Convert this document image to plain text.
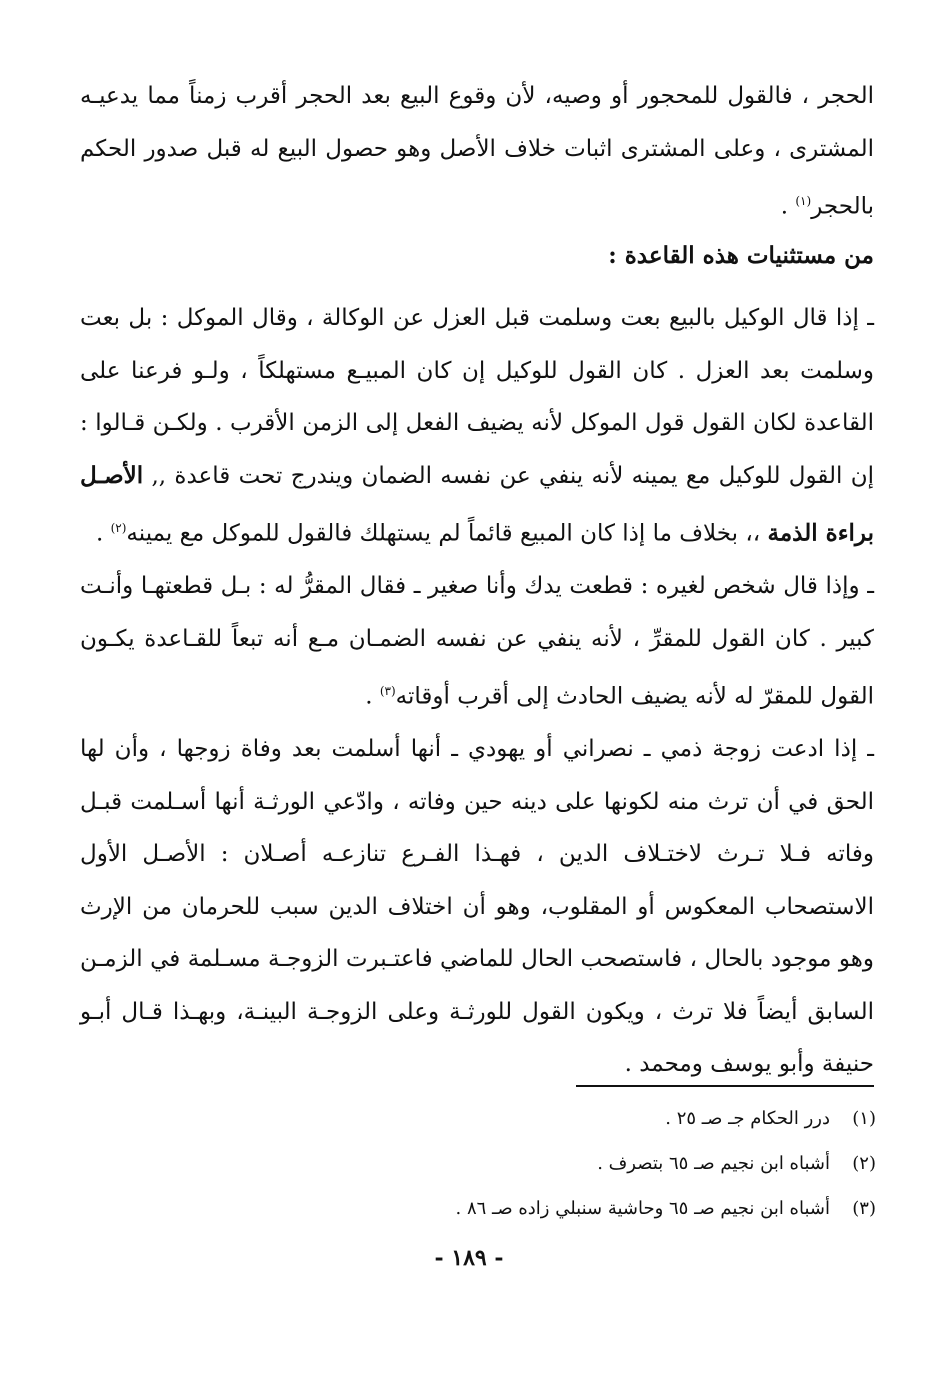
الحجر ، فالقول للمحجور أو وصيه، لأن وقوع البيع بعد الحجر أقرب زمناً مما يدعيـه المشترى ، وعلى المشترى اثبات خلاف الأصل وهو حصول البيع له قبل صدور الحكم بالحجر$^{(١)}$ .

من مستثنيات هذه القاعدة :

ـ إذا قال الوكيل بالبيع بعت وسلمت قبل العزل عن الوكالة ، وقال الموكل : بل بعت وسلمت بعد العزل . كان القول للوكيل إن كان المبيـع مستهلكاً ، ولـو فرعنا على القاعدة لكان القول قول الموكل لأنه يضيف الفعل إلى الزمن الأقرب . ولكـن قـالوا : إن القول للوكيل مع يمينه لأنه ينفي عن نفسه الضمان ويندرج تحت قاعدة ,, الأصـل براءة الذمة ،، بخلاف ما إذا كان المبيع قائماً لم يستهلك فالقول للموكل مع يمينه$^{(٢)}$ .

ـ وإذا قال شخص لغيره : قطعت يدك وأنا صغير ـ فقال المقرُّ له : بـل قطعتهـا وأنـت كبير . كان القول للمقرِّ ، لأنه ينفي عن نفسه الضمـان مـع أنه تبعاً للقـاعدة يكـون القول للمقرّ له لأنه يضيف الحادث إلى أقرب أوقاته$^{(٣)}$ .

ـ إذا ادعت زوجة ذمي ـ نصراني أو يهودي ـ أنها أسلمت بعد وفاة زوجها ، وأن لها الحق في أن ترث منه لكونها على دينه حين وفاته ، وادّعي الورثـة أنها أسـلمت قبـل وفاته فـلا تـرث لاختـلاف الدين ، فهـذا الفـرع تنازعـه أصـلان : الأصـل الأول الاستصحاب المعكوس أو المقلوب، وهو أن اختلاف الدين سبب للحرمان من الإرث وهو موجود بالحال ، فاستصحب الحال للماضي فاعتـبرت الزوجـة مسـلمة في الزمـن السابق أيضاً فلا ترث ، ويكون القول للورثـة وعلى الزوجـة البينـة، وبهـذا قـال أبـو حنيفة وأبو يوسف ومحمد .

(١)درر الحكام جـ صـ ٢٥ .
(٢)أشباه ابن نجيم صـ ٦٥ بتصرف .
(٣)أشباه ابن نجيم صـ ٦٥ وحاشية سنبلي زاده صـ ٨٦ .
- ١٨٩ -
